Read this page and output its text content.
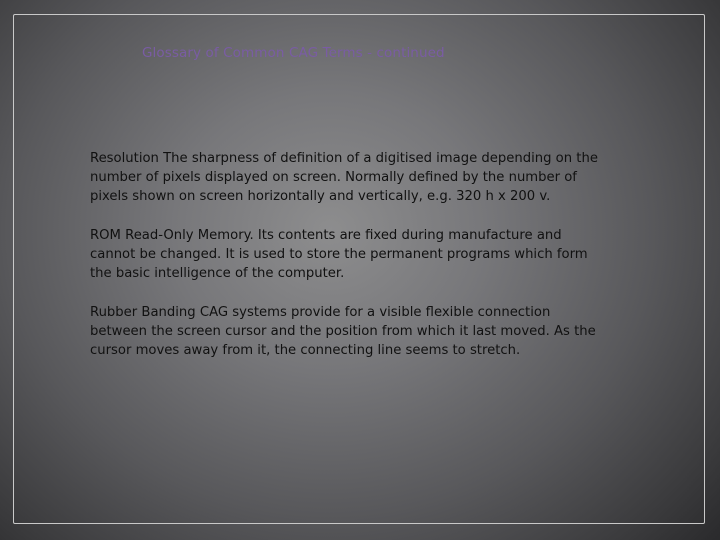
Glossary of Common CAG Terms - continued

Resolution The sharpness of definition of a digitised image depending on the number of pixels displayed on screen. Normally defined by the number of pixels shown on screen horizontally and vertically, e.g. 320 h x 200 v.

ROM Read-Only Memory. Its contents are fixed during manufacture and cannot be changed. It is used to store the permanent programs which form the basic intelligence of the computer.

Rubber Banding CAG systems provide for a visible flexible connection between the screen cursor and the position from which it last moved. As the cursor moves away from it, the connecting line seems to stretch.
